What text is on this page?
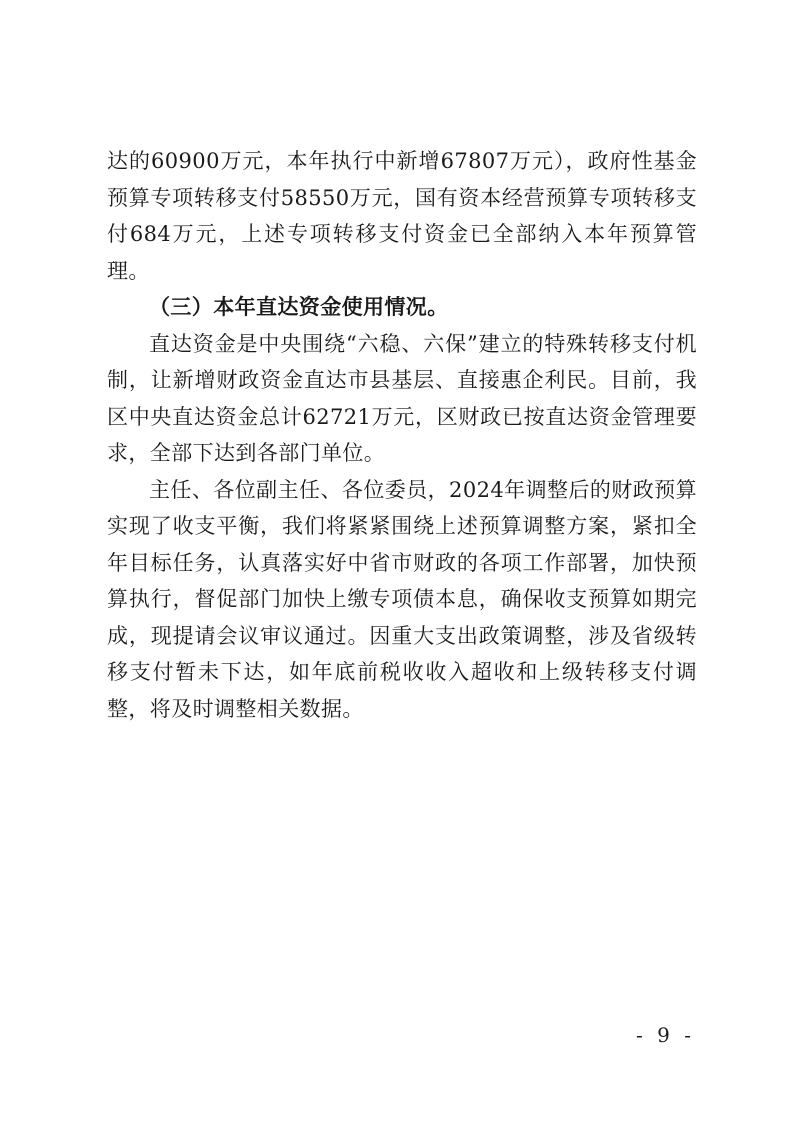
达的60900万元，本年执行中新增67807万元），政府性基金预算专项转移支付58550万元，国有资本经营预算专项转移支付684万元，上述专项转移支付资金已全部纳入本年预算管理。

（三）本年直达资金使用情况。

直达资金是中央围绕“六稳、六保”建立的特殊转移支付机制，让新增财政资金直达市县基层、直接惠企利民。目前，我区中央直达资金总计62721万元，区财政已按直达资金管理要求，全部下达到各部门单位。

主任、各位副主任、各位委员，2024年调整后的财政预算实现了收支平衡，我们将紧紧围绕上述预算调整方案，紧扣全年目标任务，认真落实好中省市财政的各项工作部署，加快预算执行，督促部门加快上缴专项债本息，确保收支预算如期完成，现提请会议审议通过。因重大支出政策调整，涉及省级转移支付暂未下达，如年底前税收收入超收和上级转移支付调整，将及时调整相关数据。

- 9 -
